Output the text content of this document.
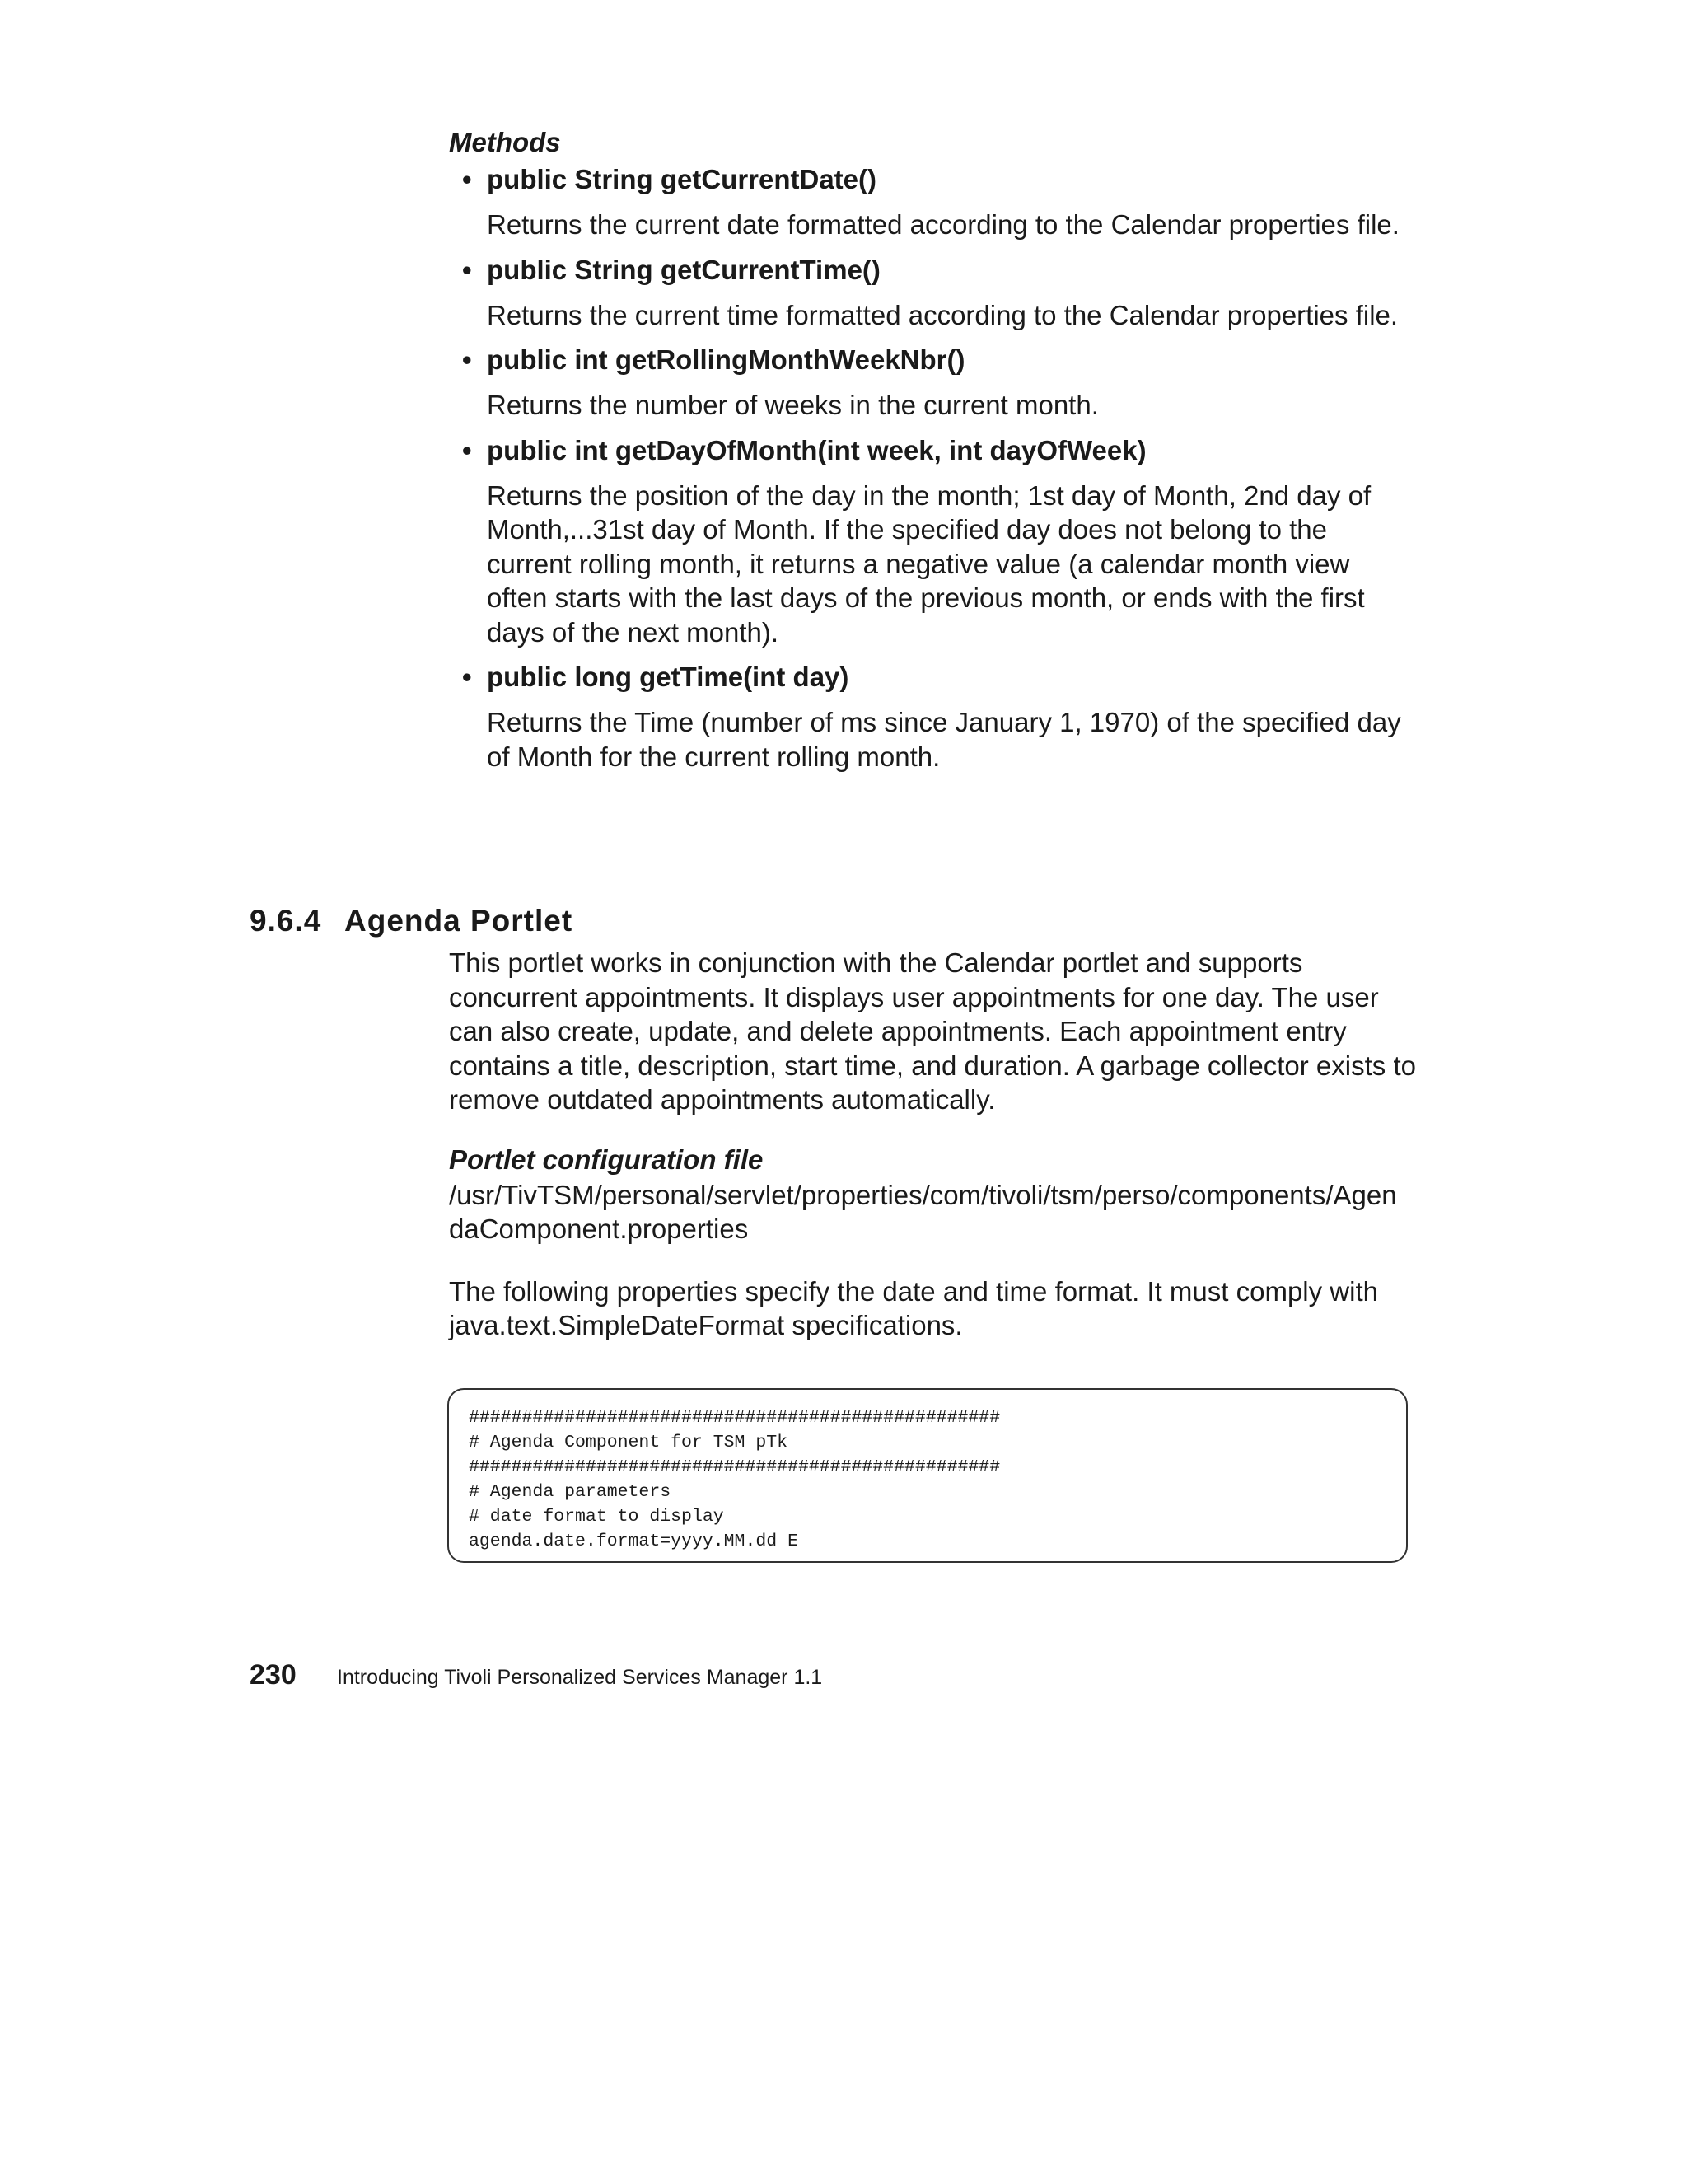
Methods

• public String getCurrentDate()

Returns the current date formatted according to the Calendar properties file.

• public String getCurrentTime()

Returns the current time formatted according to the Calendar properties file.

• public int getRollingMonthWeekNbr()

Returns the number of weeks in the current month.

• public int getDayOfMonth(int week, int dayOfWeek)

Returns the position of the day in the month; 1st day of Month, 2nd day of Month,...31st day of Month. If the specified day does not belong to the current rolling month, it returns a negative value (a calendar month view often starts with the last days of the previous month, or ends with the first days of the next month).

• public long getTime(int day)

Returns the Time (number of ms since January 1, 1970) of the specified day of Month for the current rolling month.

9.6.4 Agenda Portlet

This portlet works in conjunction with the Calendar portlet and supports concurrent appointments. It displays user appointments for one day. The user can also create, update, and delete appointments. Each appointment entry contains a title, description, start time, and duration. A garbage collector exists to remove outdated appointments automatically.

Portlet configuration file

/usr/TivTSM/personal/servlet/properties/com/tivoli/tsm/perso/components/AgendaComponent.properties

The following properties specify the date and time format. It must comply with java.text.SimpleDateFormat specifications.

##################################################
# Agenda Component for TSM pTk
##################################################
# Agenda parameters
# date format to display
agenda.date.format=yyyy.MM.dd E
230 Introducing Tivoli Personalized Services Manager 1.1
